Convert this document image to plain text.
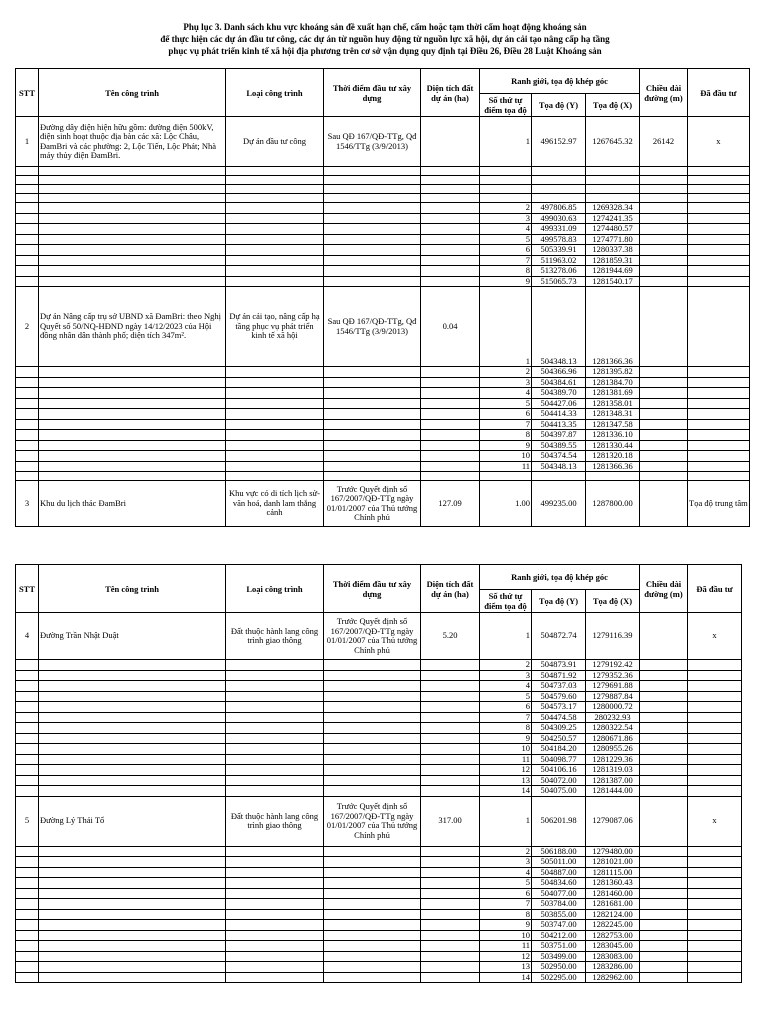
Phụ lục 3. Danh sách khu vực khoáng sản đề xuất hạn chế, cấm hoặc tạm thời cấm hoạt động khoáng sản
để thực hiện các dự án đầu tư công, các dự án từ nguồn huy động từ nguồn lực xã hội, dự án cải tạo nâng cấp hạ tầng
phục vụ phát triển kinh tế xã hội địa phương trên cơ sở vận dụng quy định tại Điều 26, Điều 28 Luật Khoáng sản
STT	Tên công trình	Loại công trình	Thời điểm đầu tư xây dựng	Diện tích đất dự án (ha)	Ranh giới, tọa độ khép góc			Chiều dài đường (m)	Đã đầu tư
					Số thứ tự điểm tọa độ	Tọa độ (Y)	Tọa độ (X)		
1	Đường dây điện hiện hữu gồm: đường điện 500kV, điện sinh hoạt thuộc địa bàn các xã: Lộc Châu, ĐamBri và các phường: 2, Lộc Tiến, Lộc Phát; Nhà máy thủy điện ĐamBri.	Dự án đầu tư công	Sau QĐ 167/QĐ-TTg, Qđ 1546/TTg (3/9/2013)		1	496152.97	1267645.32	26142	x

					2	497806.85	1269328.34		
					3	499030.63	1274241.35		
					4	499331.09	1274480.57		
					5	499578.83	1274771.80		
					6	505339.91	1280337.38		
					7	511963.02	1281859.31		
					8	513278.06	1281944.69		
					9	515065.73	1281540.17		
2	Dự án Nâng cấp trụ sở UBND xã ĐamBri: theo Nghị Quyết số 50/NQ-HĐND ngày 14/12/2023 của Hội đồng nhân dân thành phố; diện tích 347m².	Dự án cải tạo, nâng cấp hạ tầng phục vụ phát triển kinh tế xã hội	Sau QĐ 167/QĐ-TTg, Qđ 1546/TTg (3/9/2013)	0.04	1	504348.13	1281366.36		
					2	504366.96	1281395.82		
					3	504384.61	1281384.70		
					4	504389.70	1281381.69		
					5	504427.06	1281358.01		
					6	504414.33	1281348.31		
					7	504413.35	1281347.58		
					8	504397.87	1281336.10		
					9	504389.55	1281330.44		
					10	504374.54	1281320.18		
					11	504348.13	1281366.36		

3	Khu du lịch thác ĐamBri	Khu vực có di tích lịch sử-văn hoá, danh lam thắng cảnh	Trước Quyết định số 167/2007/QĐ-TTg ngày 01/01/2007 của Thủ tướng Chính phủ	127.09	1.00	499235.00	1287800.00		Tọa độ trung tâm
STT	Tên công trình	Loại công trình	Thời điểm đầu tư xây dựng	Diện tích đất dự án (ha)	Ranh giới, tọa độ khép góc			Chiều dài đường (m)	Đã đầu tư
					Số thứ tự điểm tọa độ	Tọa độ (Y)	Tọa độ (X)		
4	Đường Trần Nhật Duật	Đất thuộc hành lang công trình giao thông	Trước Quyết định số 167/2007/QĐ-TTg ngày 01/01/2007 của Thủ tướng Chính phủ	5.20	1	504872.74	1279116.39		x
					2	504873.91	1279192.42		
					3	504871.92	1279352.36		
					4	504737.03	1279691.88		
					5	504579.60	1279887.84		
					6	504573.17	1280000.72		
					7	504474.58	280232.93		
					8	504309.25	1280322.54		
					9	504250.57	1280671.86		
					10	504184.20	1280955.26		
					11	504098.77	1281229.36		
					12	504106.16	1281319.03		
					13	504072.00	1281387.00		
					14	504075.00	1281444.00		
5	Đường Lý Thái Tổ	Đất thuộc hành lang công trình giao thông	Trước Quyết định số 167/2007/QĐ-TTg ngày 01/01/2007 của Thủ tướng Chính phủ	317.00	1	506201.98	1279087.06		x
					2	506188.00	1279480.00		
					3	505011.00	1281021.00		
					4	504887.00	1281115.00		
					5	504834.60	1281360.43		
					6	504077.00	1281460.00		
					7	503784.00	1281681.00		
					8	503855.00	1282124.00		
					9	503747.00	1282245.00		
					10	504212.00	1282753.00		
					11	503751.00	1283045.00		
					12	503499.00	1283083.00		
					13	502950.00	1283286.00		
					14	502295.00	1282962.00		
